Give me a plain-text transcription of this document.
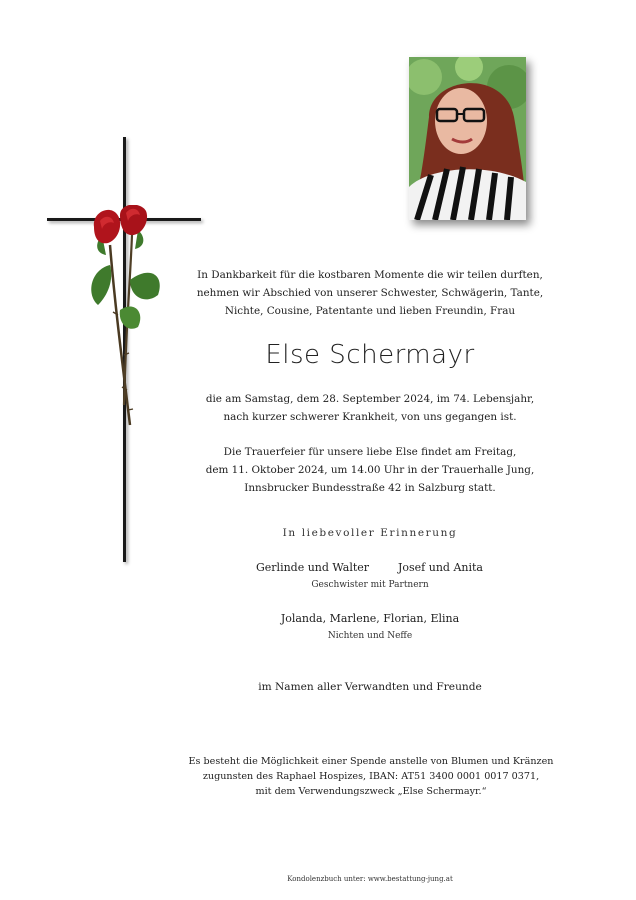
In Dankbarkeit für die kostbaren Momente die wir teilen durften,
nehmen wir Abschied von unserer Schwester, Schwägerin, Tante,
Nichte, Cousine, Patentante und lieben Freundin, Frau
Else Schermayr
die am Samstag, dem 28. September 2024, im 74. Lebensjahr,
nach kurzer schwerer Krankheit, von uns gegangen ist.
Die Trauerfeier für unsere liebe Else findet am Freitag,
dem 11. Oktober 2024, um 14.00 Uhr in der Trauerhalle Jung,
Innsbrucker Bundesstraße 42 in Salzburg statt.
In liebevoller Erinnerung
Gerlinde und Walter	Josef und Anita
Geschwister mit Partnern
Jolanda, Marlene, Florian, Elina
Nichten und Neffe
im Namen aller Verwandten und Freunde
Es besteht die Möglichkeit einer Spende anstelle von Blumen und Kränzen
zugunsten des Raphael Hospizes, IBAN: AT51 3400 0001 0017 0371,
mit dem Verwendungszweck „Else Schermayr.“
Kondolenzbuch unter: www.bestattung-jung.at
